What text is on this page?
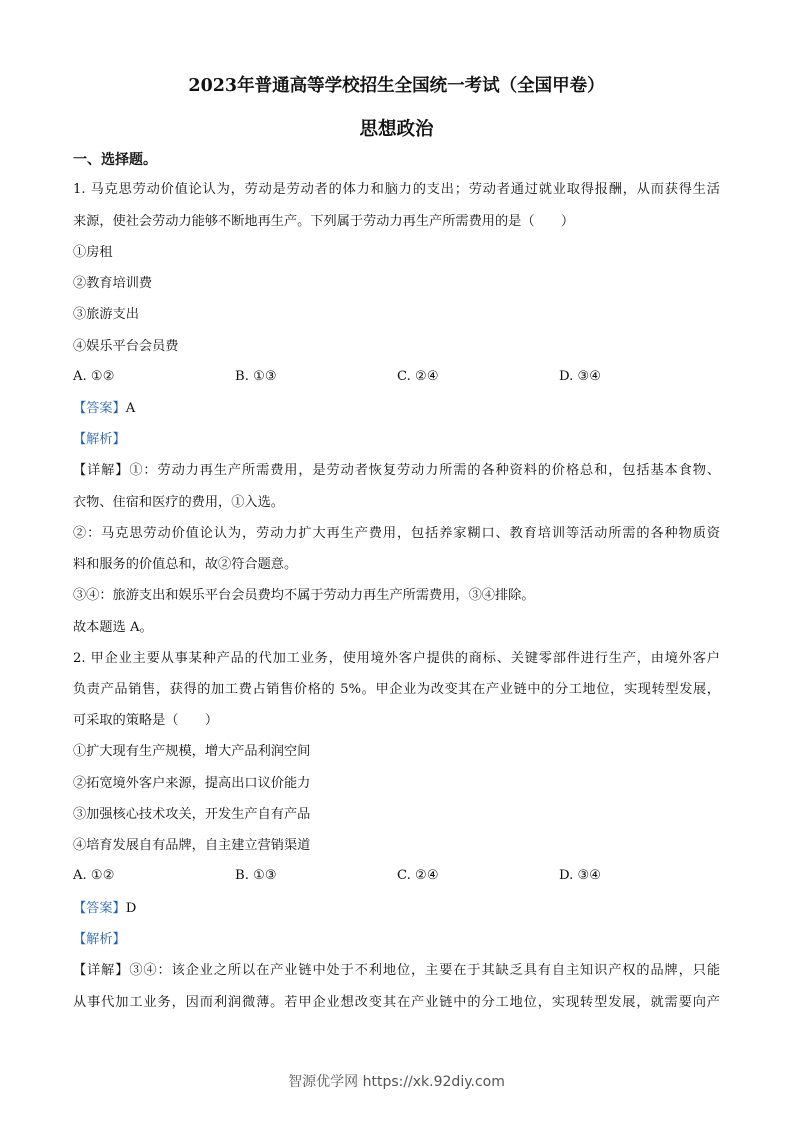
2023年普通高等学校招生全国统一考试（全国甲卷）
思想政治
一、选择题。
1. 马克思劳动价值论认为，劳动是劳动者的体力和脑力的支出；劳动者通过就业取得报酬，从而获得生活
来源，使社会劳动力能够不断地再生产。下列属于劳动力再生产所需费用的是（　　）
①房租
②教育培训费
③旅游支出
④娱乐平台会员费
A. ①②	B. ①③	C. ②④	D. ③④
【答案】A
【解析】
【详解】①：劳动力再生产所需费用，是劳动者恢复劳动力所需的各种资料的价格总和，包括基本食物、
衣物、住宿和医疗的费用，①入选。
②：马克思劳动价值论认为，劳动力扩大再生产费用，包括养家糊口、教育培训等活动所需的各种物质资
料和服务的价值总和，故②符合题意。
③④：旅游支出和娱乐平台会员费均不属于劳动力再生产所需费用，③④排除。
故本题选 A。
2. 甲企业主要从事某种产品的代加工业务，使用境外客户提供的商标、关键零部件进行生产，由境外客户
负责产品销售，获得的加工费占销售价格的 5%。甲企业为改变其在产业链中的分工地位，实现转型发展，
可采取的策略是（　　）
①扩大现有生产规模，增大产品利润空间
②拓宽境外客户来源，提高出口议价能力
③加强核心技术攻关，开发生产自有产品
④培育发展自有品牌，自主建立营销渠道
A. ①②	B. ①③	C. ②④	D. ③④
【答案】D
【解析】
【详解】③④：该企业之所以在产业链中处于不利地位，主要在于其缺乏具有自主知识产权的品牌，只能
从事代加工业务，因而利润微薄。若甲企业想改变其在产业链中的分工地位，实现转型发展，就需要向产
智源优学网 https://xk.92diy.com
